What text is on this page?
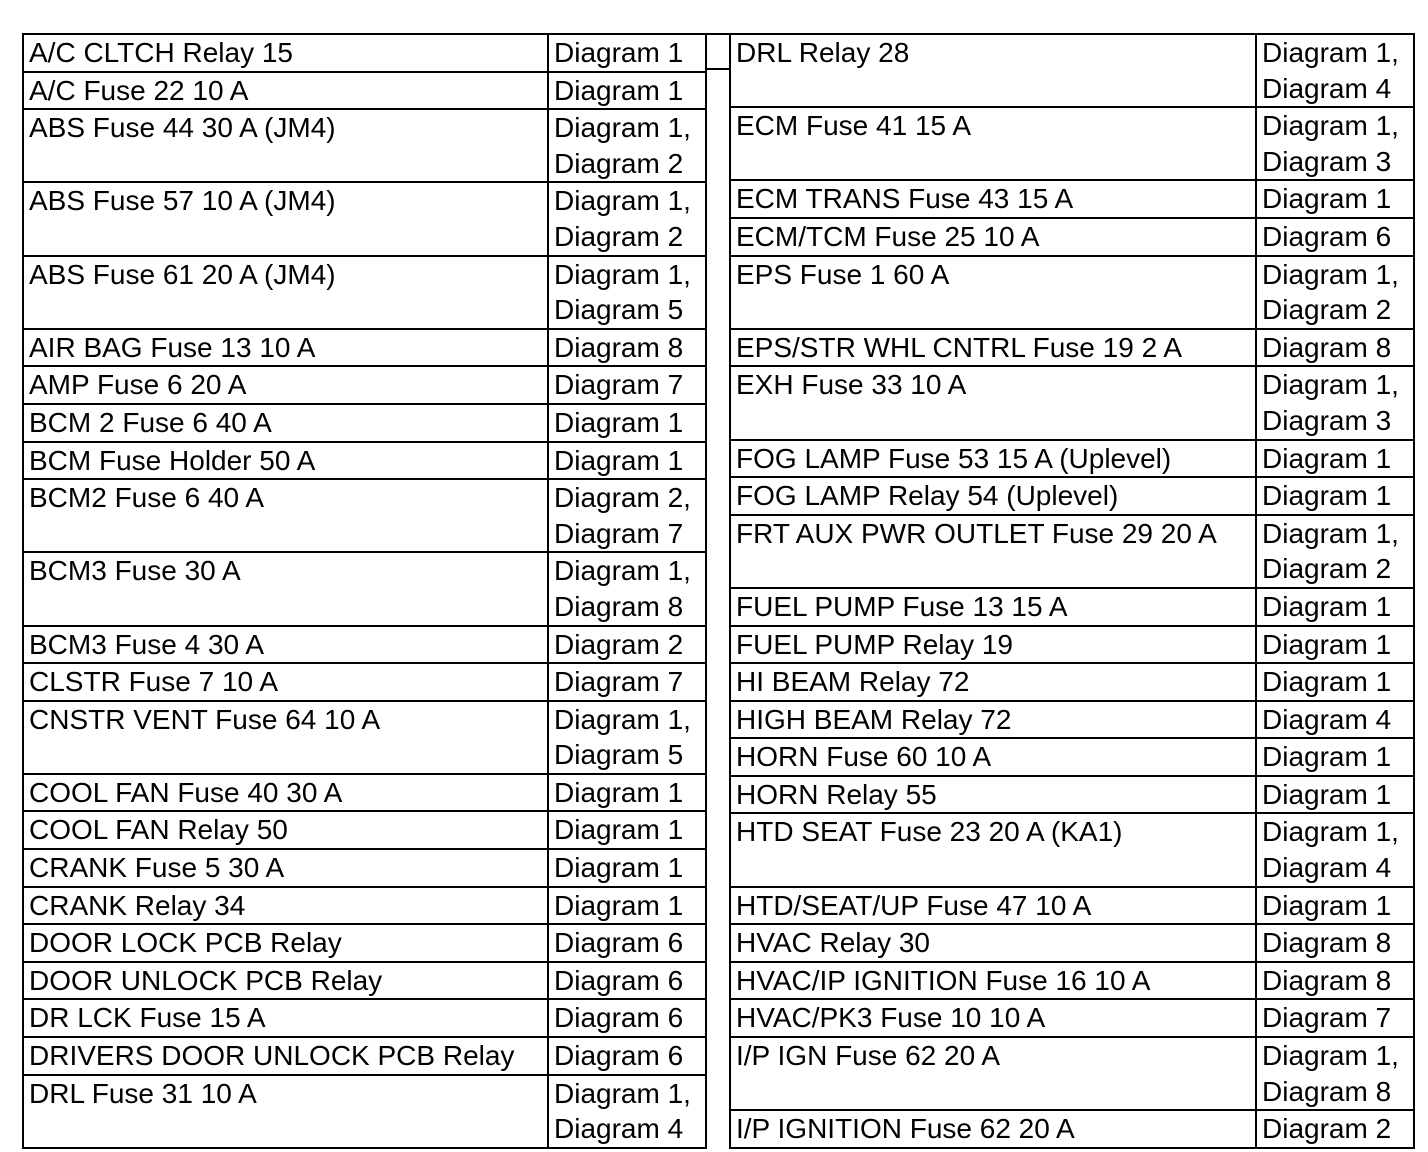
A/C CLTCH Relay 15	Diagram 1

A/C Fuse 22 10 A	Diagram 1

ABS Fuse 44 30 A (JM4)	Diagram 1,
Diagram 2

ABS Fuse 57 10 A (JM4)	Diagram 1,
Diagram 2

ABS Fuse 61 20 A (JM4)	Diagram 1,
Diagram 5

AIR BAG Fuse 13 10 A	Diagram 8

AMP Fuse 6 20 A	Diagram 7

BCM 2 Fuse 6 40 A	Diagram 1

BCM Fuse Holder 50 A	Diagram 1

BCM2 Fuse 6 40 A	Diagram 2,
Diagram 7

BCM3 Fuse 30 A	Diagram 1,
Diagram 8

BCM3 Fuse 4 30 A	Diagram 2

CLSTR Fuse 7 10 A	Diagram 7

CNSTR VENT Fuse 64 10 A	Diagram 1,
Diagram 5

COOL FAN Fuse 40 30 A	Diagram 1

COOL FAN Relay 50	Diagram 1

CRANK Fuse 5 30 A	Diagram 1

CRANK Relay 34	Diagram 1

DOOR LOCK PCB Relay	Diagram 6

DOOR UNLOCK PCB Relay	Diagram 6

DR LCK Fuse 15 A	Diagram 6

DRIVERS DOOR UNLOCK PCB Relay	Diagram 6

DRL Fuse 31 10 A	Diagram 1,
Diagram 4
DRL Relay 28	Diagram 1,
Diagram 4

ECM Fuse 41 15 A	Diagram 1,
Diagram 3

ECM TRANS Fuse 43 15 A	Diagram 1

ECM/TCM Fuse 25 10 A	Diagram 6

EPS Fuse 1 60 A	Diagram 1,
Diagram 2

EPS/STR WHL CNTRL Fuse 19 2 A	Diagram 8

EXH Fuse 33 10 A	Diagram 1,
Diagram 3

FOG LAMP Fuse 53 15 A (Uplevel)	Diagram 1

FOG LAMP Relay 54 (Uplevel)	Diagram 1

FRT AUX PWR OUTLET Fuse 29 20 A	Diagram 1,
Diagram 2

FUEL PUMP Fuse 13 15 A	Diagram 1

FUEL PUMP Relay 19	Diagram 1

HI BEAM Relay 72	Diagram 1

HIGH BEAM Relay 72	Diagram 4

HORN Fuse 60 10 A	Diagram 1

HORN Relay 55	Diagram 1

HTD SEAT Fuse 23 20 A (KA1)	Diagram 1,
Diagram 4

HTD/SEAT/UP Fuse 47 10 A	Diagram 1

HVAC Relay 30	Diagram 8

HVAC/IP IGNITION Fuse 16 10 A	Diagram 8

HVAC/PK3 Fuse 10 10 A	Diagram 7

I/P IGN Fuse 62 20 A	Diagram 1,
Diagram 8

I/P IGNITION Fuse 62 20 A	Diagram 2
